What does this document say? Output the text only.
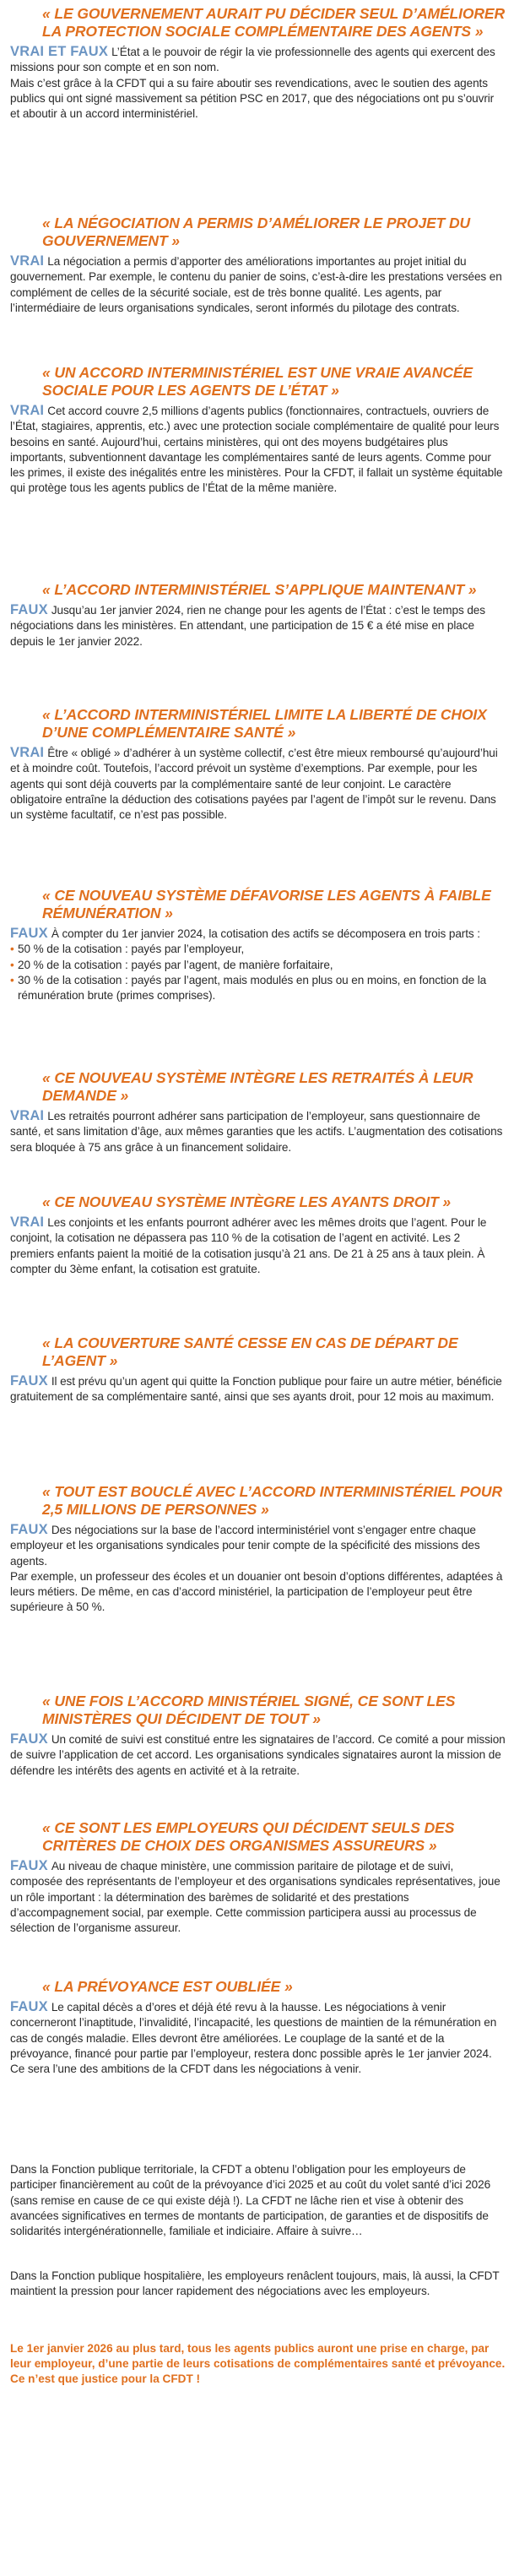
« LE GOUVERNEMENT AURAIT PU DÉCIDER SEUL D’AMÉLIORER LA PROTECTION SOCIALE COMPLÉMENTAIRE DES AGENTS »

VRAI ET FAUX L’État a le pouvoir de régir la vie professionnelle des agents qui exercent des missions pour son compte et en son nom.

Mais c’est grâce à la CFDT qui a su faire aboutir ses revendications, avec le soutien des agents publics qui ont signé massivement sa pétition PSC en 2017, que des négociations ont pu s’ouvrir et aboutir à un accord interministériel.

« LA NÉGOCIATION A PERMIS D’AMÉLIORER LE PROJET DU GOUVERNEMENT »

VRAI La négociation a permis d’apporter des améliorations importantes au projet initial du gouvernement. Par exemple, le contenu du panier de soins, c’est-à-dire les prestations versées en complément de celles de la sécurité sociale, est de très bonne qualité. Les agents, par l’intermédiaire de leurs organisations syndicales, seront informés du pilotage des contrats.

« UN ACCORD INTERMINISTÉRIEL EST UNE VRAIE AVANCÉE SOCIALE POUR LES AGENTS DE L’ÉTAT »

VRAI Cet accord couvre 2,5 millions d’agents publics (fonctionnaires, contractuels, ouvriers de l’État, stagiaires, apprentis, etc.) avec une protection sociale complémentaire de qualité pour leurs besoins en santé. Aujourd’hui, certains ministères, qui ont des moyens budgétaires plus importants, subventionnent davantage les complémentaires santé de leurs agents. Comme pour les primes, il existe des inégalités entre les ministères. Pour la CFDT, il fallait un système équitable qui protège tous les agents publics de l’État de la même manière.

« L’ACCORD INTERMINISTÉRIEL S’APPLIQUE MAINTENANT »

FAUX Jusqu’au 1er janvier 2024, rien ne change pour les agents de l’État : c’est le temps des négociations dans les ministères. En attendant, une participation de 15 € a été mise en place depuis le 1er janvier 2022.

« L’ACCORD INTERMINISTÉRIEL LIMITE LA LIBERTÉ DE CHOIX D’UNE COMPLÉMENTAIRE SANTÉ »

VRAI Être « obligé » d’adhérer à un système collectif, c’est être mieux remboursé qu’aujourd’hui et à moindre coût. Toutefois, l’accord prévoit un système d’exemptions. Par exemple, pour les agents qui sont déjà couverts par la complémentaire santé de leur conjoint. Le caractère obligatoire entraîne la déduction des cotisations payées par l’agent de l’impôt sur le revenu. Dans un système facultatif, ce n’est pas possible.

« CE NOUVEAU SYSTÈME DÉFAVORISE LES AGENTS À FAIBLE RÉMUNÉRATION »

FAUX À compter du 1er janvier 2024, la cotisation des actifs se décomposera en trois parts :

• 50 % de la cotisation : payés par l’employeur,
• 20 % de la cotisation : payés par l’agent, de manière forfaitaire,
• 30 % de la cotisation : payés par l’agent, mais modulés en plus ou en moins, en fonction de la rémunération brute (primes comprises).
« CE NOUVEAU SYSTÈME INTÈGRE LES RETRAITÉS À LEUR DEMANDE »

VRAI Les retraités pourront adhérer sans participation de l’employeur, sans questionnaire de santé, et sans limitation d’âge, aux mêmes garanties que les actifs. L’augmentation des cotisations sera bloquée à 75 ans grâce à un financement solidaire.

« CE NOUVEAU SYSTÈME INTÈGRE LES AYANTS DROIT »

VRAI Les conjoints et les enfants pourront adhérer avec les mêmes droits que l’agent. Pour le conjoint, la cotisation ne dépassera pas 110 % de la cotisation de l’agent en activité. Les 2 premiers enfants paient la moitié de la cotisation jusqu’à 21 ans. De 21 à 25 ans à taux plein. À compter du 3ème enfant, la cotisation est gratuite.

« LA COUVERTURE SANTÉ CESSE EN CAS DE DÉPART DE L’AGENT »

FAUX Il est prévu qu’un agent qui quitte la Fonction publique pour faire un autre métier, bénéficie gratuitement de sa complémentaire santé, ainsi que ses ayants droit, pour 12 mois au maximum.

« TOUT EST BOUCLÉ AVEC L’ACCORD INTERMINISTÉRIEL POUR 2,5 MILLIONS DE PERSONNES »

FAUX Des négociations sur la base de l’accord interministériel vont s’engager entre chaque employeur et les organisations syndicales pour tenir compte de la spécificité des missions des agents.

Par exemple, un professeur des écoles et un douanier ont besoin d’options différentes, adaptées à leurs métiers. De même, en cas d’accord ministériel, la participation de l’employeur peut être supérieure à 50 %.

« UNE FOIS L’ACCORD MINISTÉRIEL SIGNÉ, CE SONT LES MINISTÈRES QUI DÉCIDENT DE TOUT »

FAUX Un comité de suivi est constitué entre les signataires de l’accord. Ce comité a pour mission de suivre l’application de cet accord. Les organisations syndicales signataires auront la mission de défendre les intérêts des agents en activité et à la retraite.

« CE SONT LES EMPLOYEURS QUI DÉCIDENT SEULS DES CRITÈRES DE CHOIX DES ORGANISMES ASSUREURS »

FAUX Au niveau de chaque ministère, une commission paritaire de pilotage et de suivi, composée des représentants de l’employeur et des organisations syndicales représentatives, joue un rôle important : la détermination des barèmes de solidarité et des prestations d’accompagnement social, par exemple. Cette commission participera aussi au processus de sélection de l’organisme assureur.

« LA PRÉVOYANCE EST OUBLIÉE »

FAUX Le capital décès a d’ores et déjà été revu à la hausse. Les négociations à venir concerneront l’inaptitude, l’invalidité, l’incapacité, les questions de maintien de la rémunération en cas de congés maladie. Elles devront être améliorées. Le couplage de la santé et de la prévoyance, financé pour partie par l’employeur, restera donc possible après le 1er janvier 2024. Ce sera l’une des ambitions de la CFDT dans les négociations à venir.

Dans la Fonction publique territoriale, la CFDT a obtenu l’obligation pour les employeurs de participer financièrement au coût de la prévoyance d’ici 2025 et au coût du volet santé d’ici 2026 (sans remise en cause de ce qui existe déjà !). La CFDT ne lâche rien et vise à obtenir des avancées significatives en termes de montants de participation, de garanties et de dispositifs de solidarités intergénérationnelle, familiale et indiciaire. Affaire à suivre…

Dans la Fonction publique hospitalière, les employeurs renâclent toujours, mais, là aussi, la CFDT maintient la pression pour lancer rapidement des négociations avec les employeurs.

Le 1er janvier 2026 au plus tard, tous les agents publics auront une prise en charge, par leur employeur, d’une partie de leurs cotisations de complémentaires santé et prévoyance.

Ce n’est que justice pour la CFDT !
